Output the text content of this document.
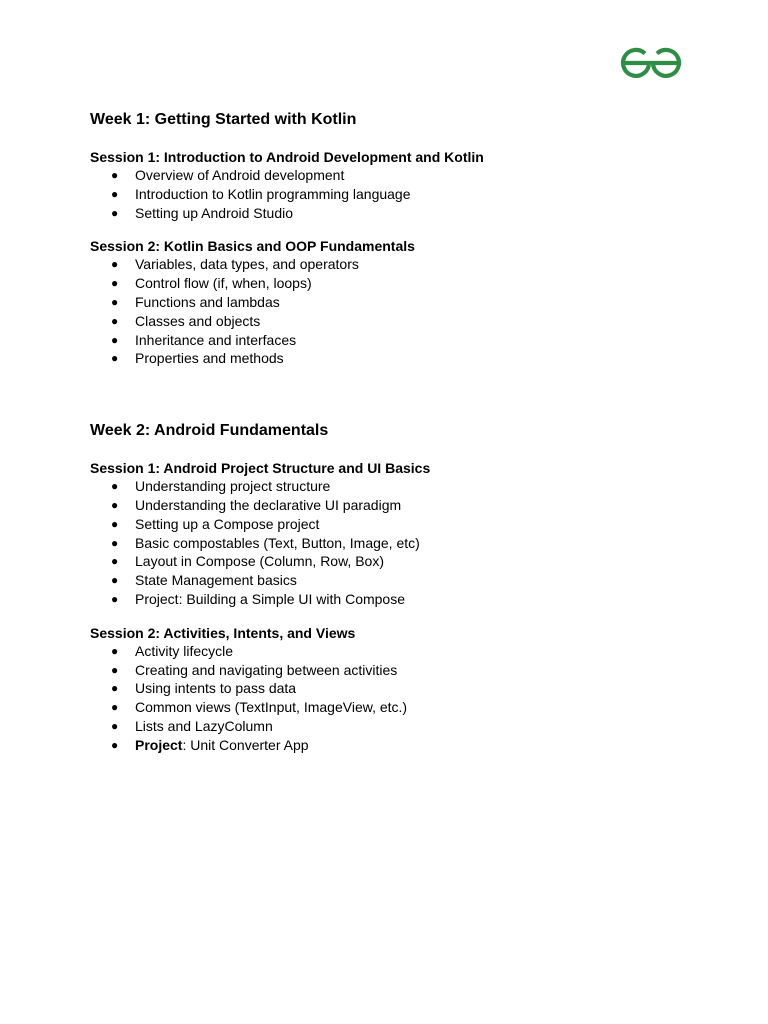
Week 1: Getting Started with Kotlin
Session 1: Introduction to Android Development and Kotlin
● Overview of Android development
● Introduction to Kotlin programming language
● Setting up Android Studio
Session 2: Kotlin Basics and OOP Fundamentals
● Variables, data types, and operators
● Control flow (if, when, loops)
● Functions and lambdas
● Classes and objects
● Inheritance and interfaces
● Properties and methods
Week 2: Android Fundamentals
Session 1: Android Project Structure and UI Basics
● Understanding project structure
● Understanding the declarative UI paradigm
● Setting up a Compose project
● Basic compostables (Text, Button, Image, etc)
● Layout in Compose (Column, Row, Box)
● State Management basics
● Project: Building a Simple UI with Compose
Session 2: Activities, Intents, and Views
● Activity lifecycle
● Creating and navigating between activities
● Using intents to pass data
● Common views (TextInput, ImageView, etc.)
● Lists and LazyColumn
● Project: Unit Converter App
